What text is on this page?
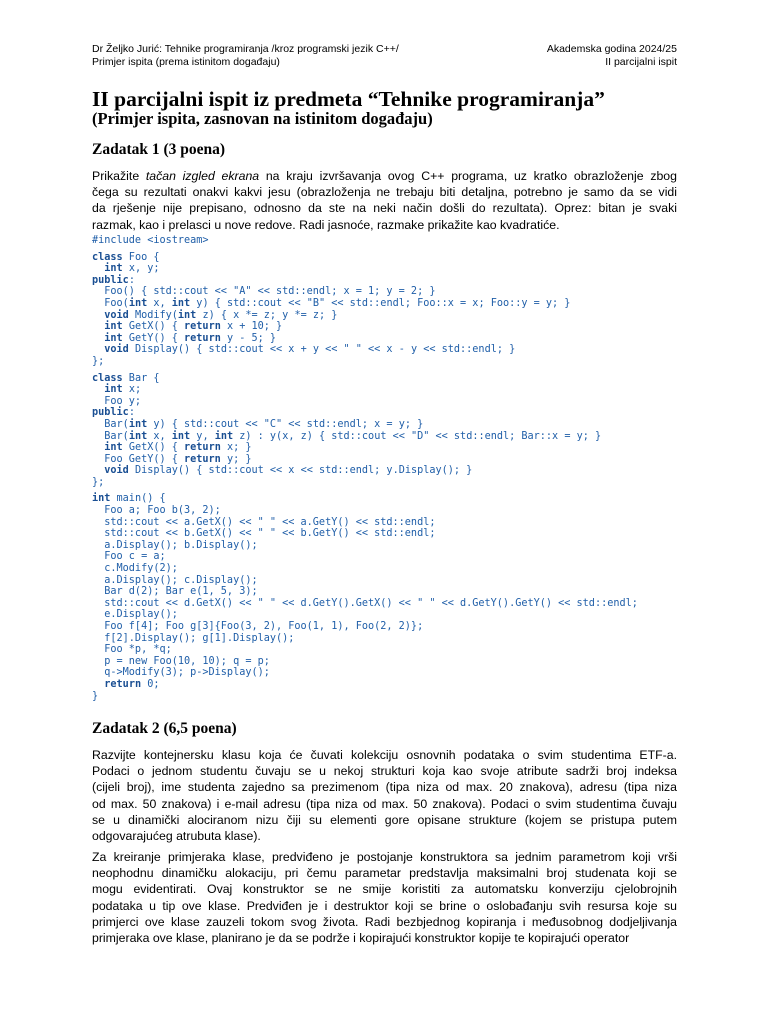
Dr Željko Jurić: Tehnike programiranja /kroz programski jezik C++/
Primjer ispita (prema istinitom događaju)
Akademska godina 2024/25
II parcijalni ispit
II parcijalni ispit iz predmeta “Tehnike programiranja”
(Primjer ispita, zasnovan na istinitom događaju)
Zadatak 1 (3 poena)
Prikažite tačan izgled ekrana na kraju izvršavanja ovog C++ programa, uz kratko obrazloženje zbog
čega su rezultati onakvi kakvi jesu (obrazloženja ne trebaju biti detaljna, potrebno je samo da se vidi
da rješenje nije prepisano, odnosno da ste na neki način došli do rezultata). Oprez: bitan je svaki
razmak, kao i prelasci u nove redove. Radi jasnoće, razmake prikažite kao kvadratiće.
#include <iostream>
class Foo {
int x, y;
public:
Foo() { std::cout << "A" << std::endl; x = 1; y = 2; }
Foo(int x, int y) { std::cout << "B" << std::endl; Foo::x = x; Foo::y = y; }
void Modify(int z) { x *= z; y *= z; }
int GetX() { return x + 10; }
int GetY() { return y - 5; }
void Display() { std::cout << x + y << " " << x - y << std::endl; }
};
class Bar {
int x;
Foo y;
public:
Bar(int y) { std::cout << "C" << std::endl; x = y; }
Bar(int x, int y, int z) : y(x, z) { std::cout << "D" << std::endl; Bar::x = y; }
int GetX() { return x; }
Foo GetY() { return y; }
void Display() { std::cout << x << std::endl; y.Display(); }
};
int main() {
Foo a; Foo b(3, 2);
std::cout << a.GetX() << " " << a.GetY() << std::endl;
std::cout << b.GetX() << " " << b.GetY() << std::endl;
a.Display(); b.Display();
Foo c = a;
c.Modify(2);
a.Display(); c.Display();
Bar d(2); Bar e(1, 5, 3);
std::cout << d.GetX() << " " << d.GetY().GetX() << " " << d.GetY().GetY() << std::endl;
e.Display();
Foo f[4]; Foo g[3]{Foo(3, 2), Foo(1, 1), Foo(2, 2)};
f[2].Display(); g[1].Display();
Foo *p, *q;
p = new Foo(10, 10); q = p;
q->Modify(3); p->Display();
return 0;
}
Zadatak 2 (6,5 poena)
Razvijte kontejnersku klasu koja će čuvati kolekciju osnovnih podataka o svim studentima ETF-a.
Podaci o jednom studentu čuvaju se u nekoj strukturi koja kao svoje atribute sadrži broj indeksa
(cijeli broj), ime studenta zajedno sa prezimenom (tipa niza od max. 20 znakova), adresu (tipa niza
od max. 50 znakova) i e-mail adresu (tipa niza od max. 50 znakova). Podaci o svim studentima čuvaju
se u dinamički alociranom nizu čiji su elementi gore opisane strukture (kojem se pristupa putem
odgovarajućeg atrubuta klase).
Za kreiranje primjeraka klase, predviđeno je postojanje konstruktora sa jednim parametrom koji vrši
neophodnu dinamičku alokaciju, pri čemu parametar predstavlja maksimalni broj studenata koji se
mogu evidentirati. Ovaj konstruktor se ne smije koristiti za automatsku konverziju cjelobrojnih
podataka u tip ove klase. Predviđen je i destruktor koji se brine o oslobađanju svih resursa koje su
primjerci ove klase zauzeli tokom svog života. Radi bezbjednog kopiranja i međusobnog dodjeljivanja
primjeraka ove klase, planirano je da se podrže i kopirajući konstruktor kopije te kopirajući operator
